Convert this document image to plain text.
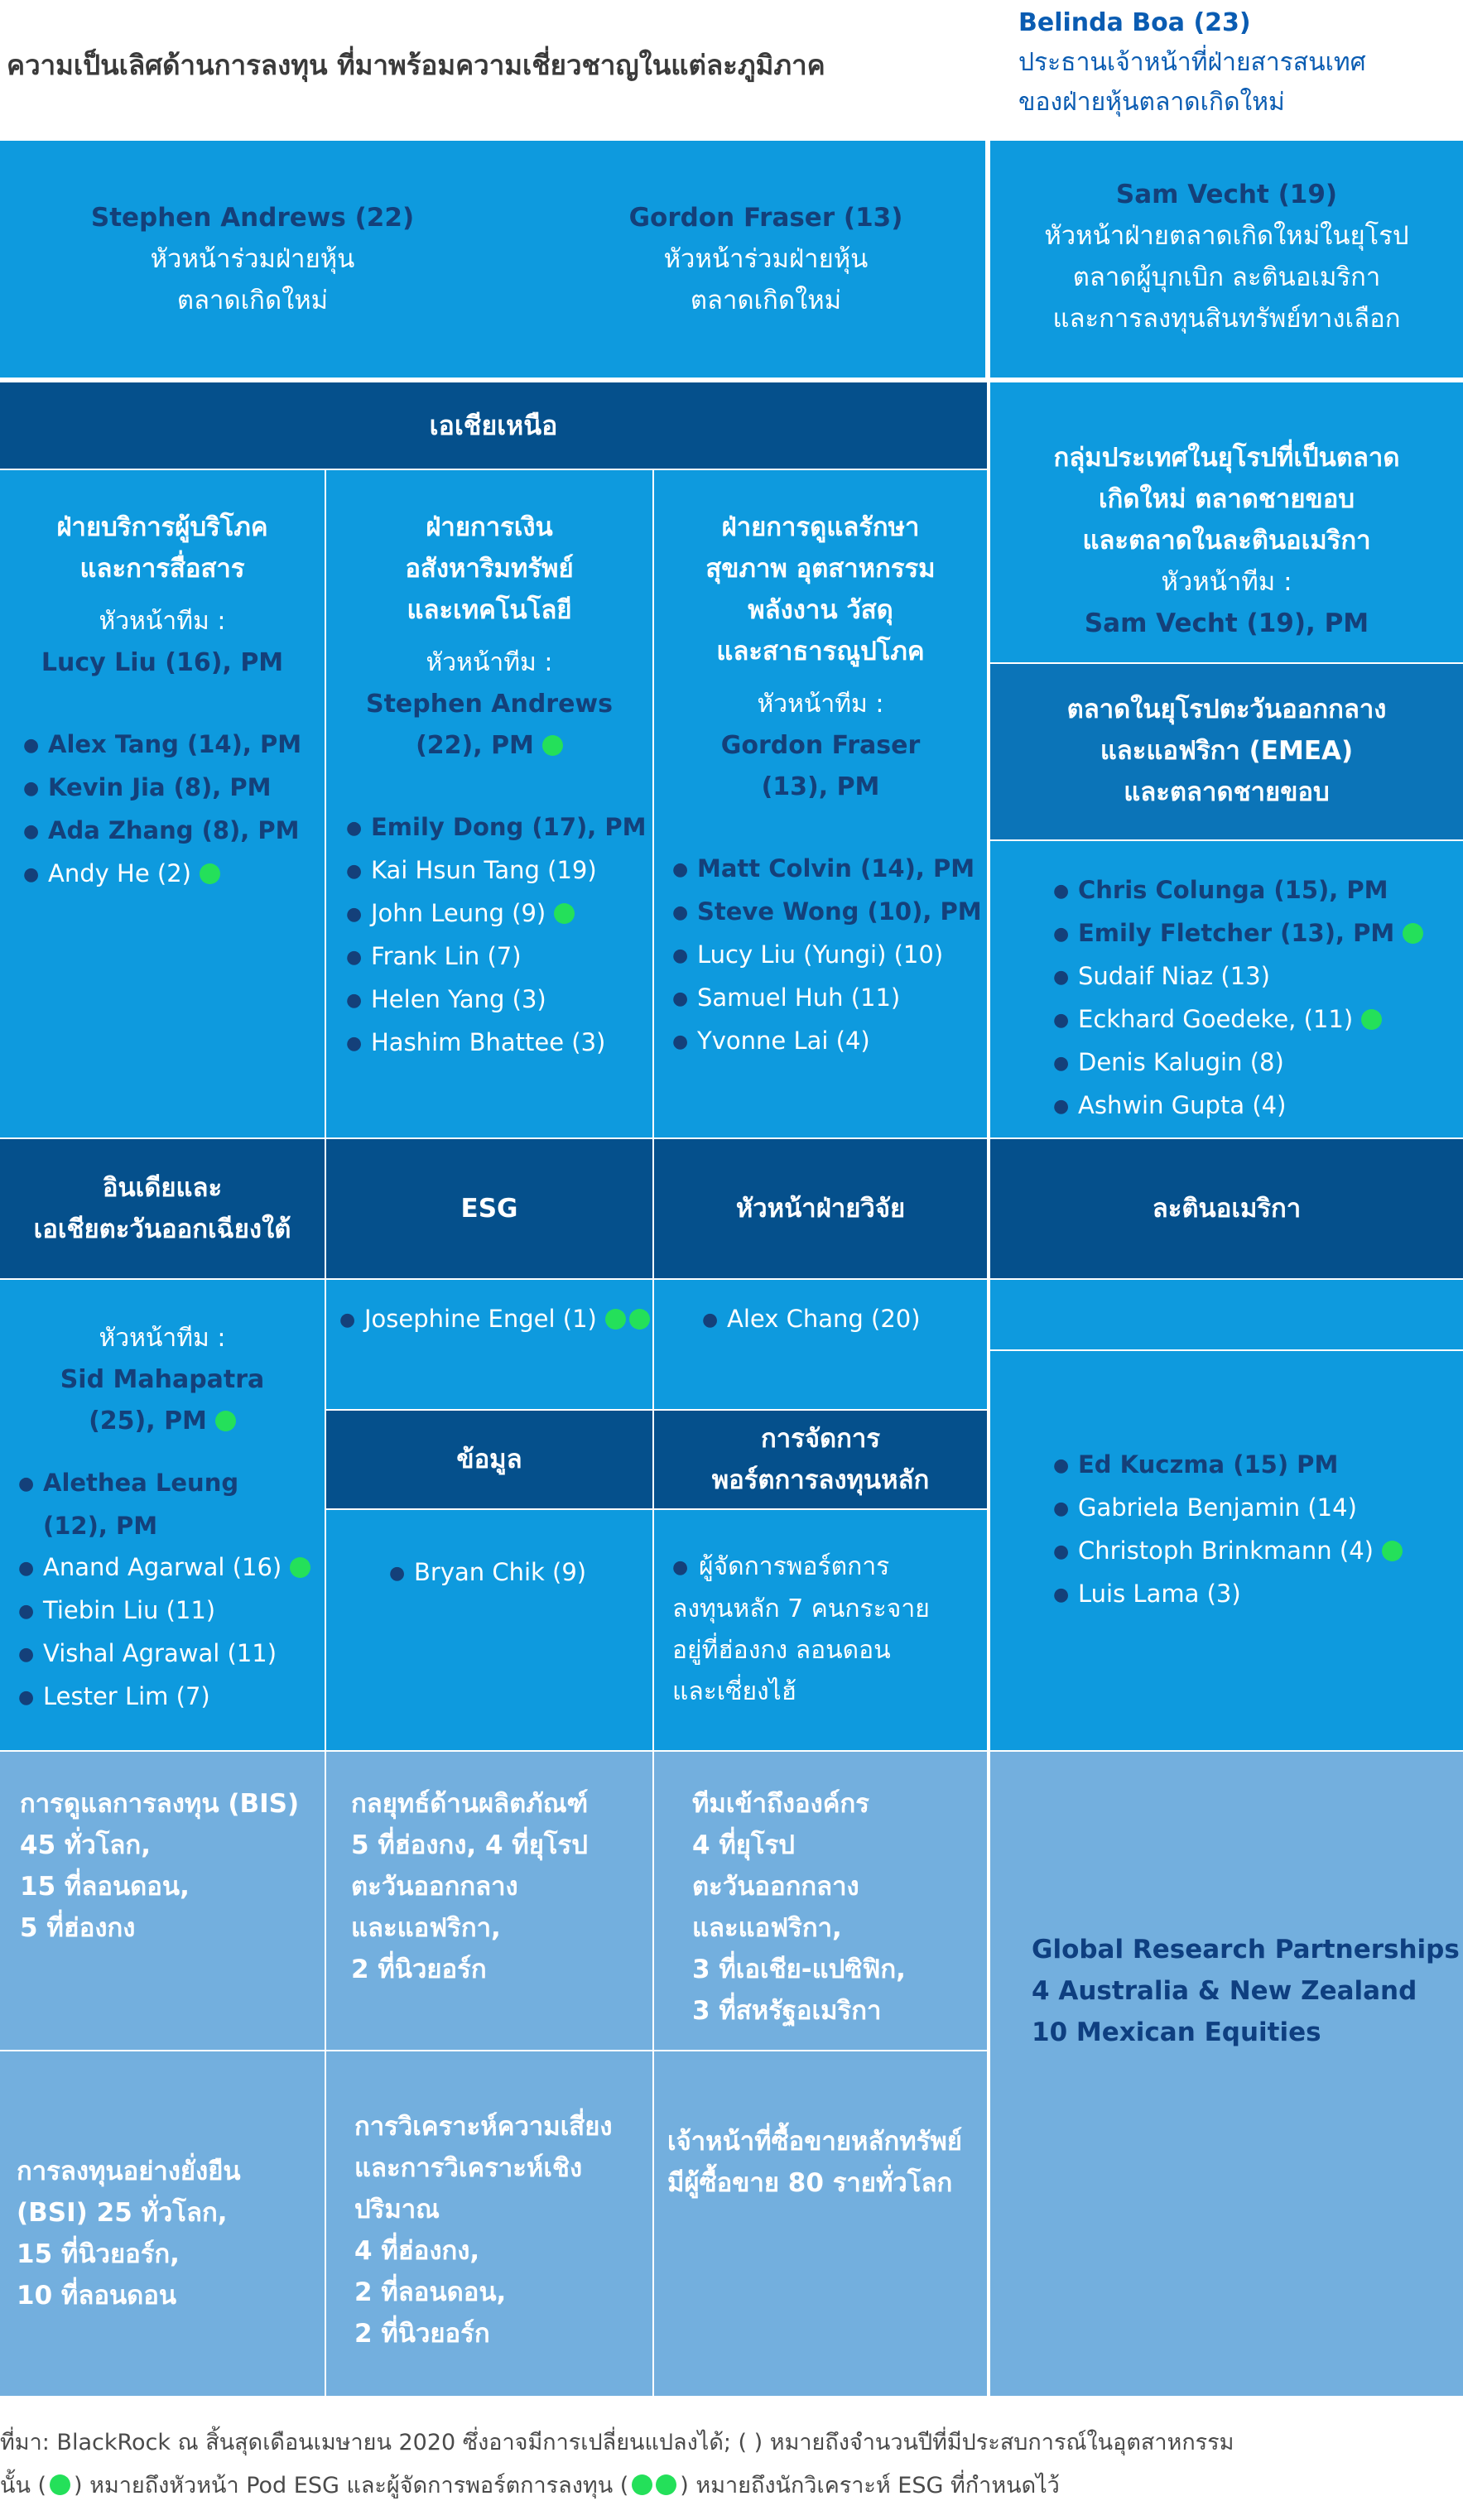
ความเป็นเลิศด้านการลงทุน ที่มาพร้อมความเชี่ยวชาญในแต่ละภูมิภาค
Belinda Boa (23)
ประธานเจ้าหน้าที่ฝ่ายสารสนเทศ
ของฝ่ายหุ้นตลาดเกิดใหม่
Stephen Andrews (22)
หัวหน้าร่วมฝ่ายหุ้น
ตลาดเกิดใหม่
Gordon Fraser (13)
หัวหน้าร่วมฝ่ายหุ้น
ตลาดเกิดใหม่
Sam Vecht (19)
หัวหน้าฝ่ายตลาดเกิดใหม่ในยุโรป
ตลาดผู้บุกเบิก ละตินอเมริกา
และการลงทุนสินทรัพย์ทางเลือก
เอเชียเหนือ
ฝ่ายบริการผู้บริโภค
และการสื่อสาร
หัวหน้าทีม :
Lucy Liu (16), PM
● Alex Tang (14), PM
● Kevin Jia (8), PM
● Ada Zhang (8), PM
● Andy He (2)
ฝ่ายการเงิน
อสังหาริมทรัพย์
และเทคโนโลยี
หัวหน้าทีม :
Stephen Andrews
(22), PM
● Emily Dong (17), PM
● Kai Hsun Tang (19)
● John Leung (9)
● Frank Lin (7)
● Helen Yang (3)
● Hashim Bhattee (3)
ฝ่ายการดูแลรักษา
สุขภาพ อุตสาหกรรม
พลังงาน วัสดุ
และสาธารณูปโภค
หัวหน้าทีม :
Gordon Fraser
(13), PM
● Matt Colvin (14), PM
● Steve Wong (10), PM
● Lucy Liu (Yungi) (10)
● Samuel Huh (11)
● Yvonne Lai (4)
กลุ่มประเทศในยุโรปที่เป็นตลาด
เกิดใหม่ ตลาดชายขอบ
และตลาดในละตินอเมริกา
หัวหน้าทีม :
Sam Vecht (19), PM
ตลาดในยุโรปตะวันออกกลาง
และแอฟริกา (EMEA)
และตลาดชายขอบ
● Chris Colunga (15), PM
● Emily Fletcher (13), PM
● Sudaif Niaz (13)
● Eckhard Goedeke, (11)
● Denis Kalugin (8)
● Ashwin Gupta (4)
อินเดียและ
เอเชียตะวันออกเฉียงใต้
ESG	หัวหน้าฝ่ายวิจัย	ละตินอเมริกา
หัวหน้าทีม :
Sid Mahapatra
(25), PM
● Alethea Leung
(12), PM
● Anand Agarwal (16)
● Tiebin Liu (11)
● Vishal Agrawal (11)
● Lester Lim (7)
● Josephine Engel (1)	● Alex Chang (20)
● Ed Kuczma (15) PM
● Gabriela Benjamin (14)
● Christoph Brinkmann (4)
● Luis Lama (3)
ข้อมูล
● Bryan Chik (9)
การจัดการ
พอร์ตการลงทุนหลัก
● ผู้จัดการพอร์ตการ
ลงทุนหลัก 7 คนกระจาย
อยู่ที่ฮ่องกง ลอนดอน
และเซี่ยงไฮ้
การดูแลการลงทุน (BIS)
45 ทั่วโลก,
15 ที่ลอนดอน,
5 ที่ฮ่องกง
กลยุทธ์ด้านผลิตภัณฑ์
5 ที่ฮ่องกง, 4 ที่ยุโรป
ตะวันออกกลาง
และแอฟริกา,
2 ที่นิวยอร์ก
ทีมเข้าถึงองค์กร
4 ที่ยุโรป
ตะวันออกกลาง
และแอฟริกา,
3 ที่เอเชีย-แปซิฟิก,
3 ที่สหรัฐอเมริกา
Global Research Partnerships
4 Australia & New Zealand
10 Mexican Equities
การลงทุนอย่างยั่งยืน
(BSI) 25 ทั่วโลก,
15 ที่นิวยอร์ก,
10 ที่ลอนดอน
การวิเคราะห์ความเสี่ยง
และการวิเคราะห์เชิง
ปริมาณ
4 ที่ฮ่องกง,
2 ที่ลอนดอน,
2 ที่นิวยอร์ก
เจ้าหน้าที่ซื้อขายหลักทรัพย์
มีผู้ซื้อขาย 80 รายทั่วโลก
ที่มา: BlackRock ณ สิ้นสุดเดือนเมษายน 2020 ซึ่งอาจมีการเปลี่ยนแปลงได้; ( ) หมายถึงจำนวนปีที่มีประสบการณ์ในอุตสาหกรรม
นั้น ( ) หมายถึงหัวหน้า Pod ESG และผู้จัดการพอร์ตการลงทุน ( ) หมายถึงนักวิเคราะห์ ESG ที่กำหนดไว้
